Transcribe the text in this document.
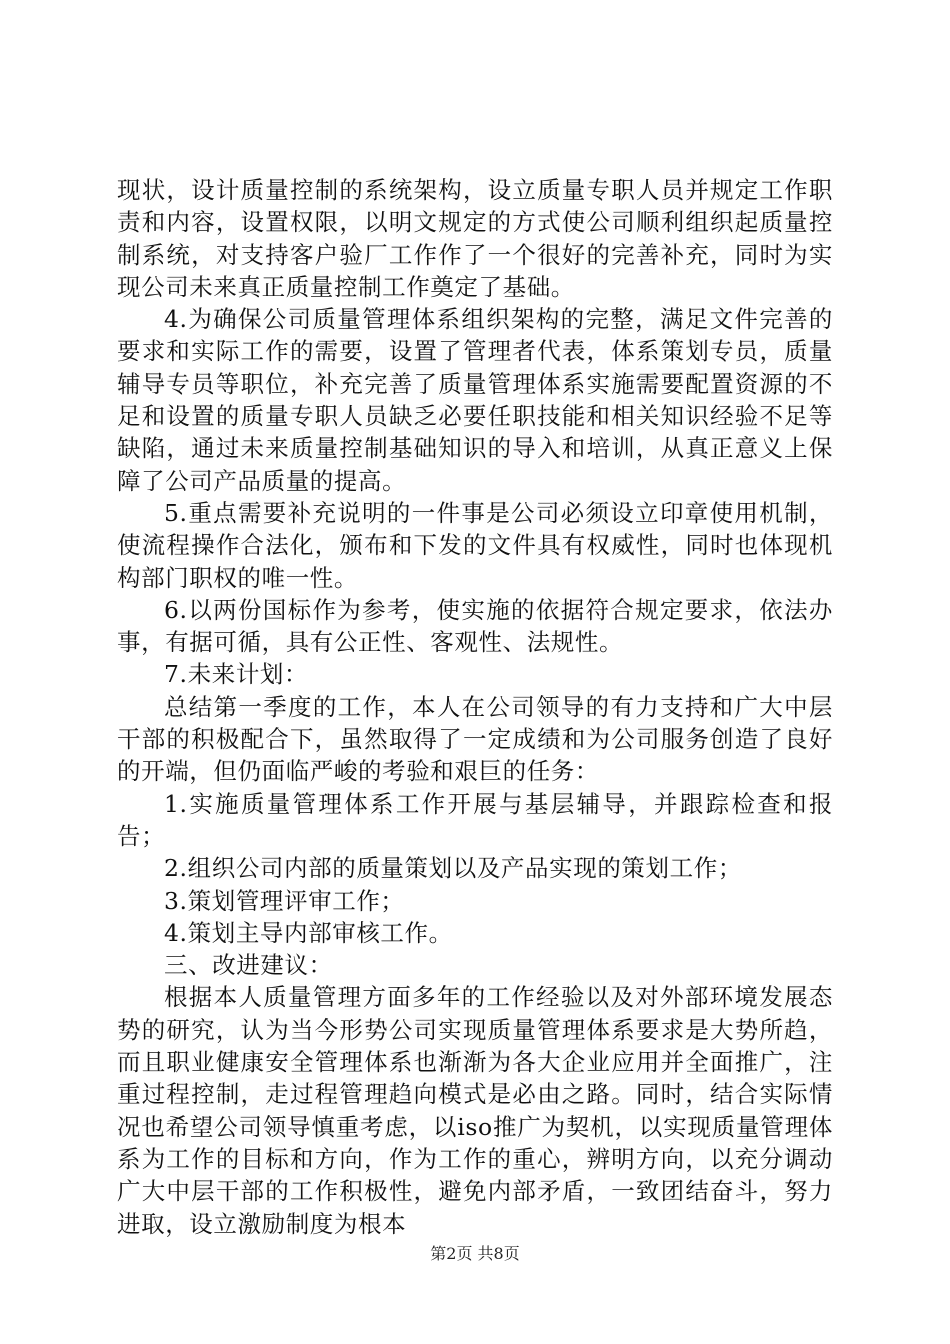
现状，设计质量控制的系统架构，设立质量专职人员并规定工作职责和内容，设置权限，以明文规定的方式使公司顺利组织起质量控制系统，对支持客户验厂工作作了一个很好的完善补充，同时为实现公司未来真正质量控制工作奠定了基础。

4.为确保公司质量管理体系组织架构的完整，满足文件完善的要求和实际工作的需要，设置了管理者代表，体系策划专员，质量辅导专员等职位，补充完善了质量管理体系实施需要配置资源的不足和设置的质量专职人员缺乏必要任职技能和相关知识经验不足等缺陷，通过未来质量控制基础知识的导入和培训，从真正意义上保障了公司产品质量的提高。

5.重点需要补充说明的一件事是公司必须设立印章使用机制，使流程操作合法化，颁布和下发的文件具有权威性，同时也体现机构部门职权的唯一性。

6.以两份国标作为参考，使实施的依据符合规定要求，依法办事，有据可循，具有公正性、客观性、法规性。

7.未来计划：

总结第一季度的工作，本人在公司领导的有力支持和广大中层干部的积极配合下，虽然取得了一定成绩和为公司服务创造了良好的开端，但仍面临严峻的考验和艰巨的任务：

1.实施质量管理体系工作开展与基层辅导，并跟踪检查和报告；

2.组织公司内部的质量策划以及产品实现的策划工作；

3.策划管理评审工作；

4.策划主导内部审核工作。

三、改进建议：

根据本人质量管理方面多年的工作经验以及对外部环境发展态势的研究，认为当今形势公司实现质量管理体系要求是大势所趋，而且职业健康安全管理体系也渐渐为各大企业应用并全面推广，注重过程控制，走过程管理趋向模式是必由之路。同时，结合实际情况也希望公司领导慎重考虑，以iso推广为契机，以实现质量管理体系为工作的目标和方向，作为工作的重心，辨明方向，以充分调动广大中层干部的工作积极性，避免内部矛盾，一致团结奋斗，努力进取，设立激励制度为根本

第2页 共8页
